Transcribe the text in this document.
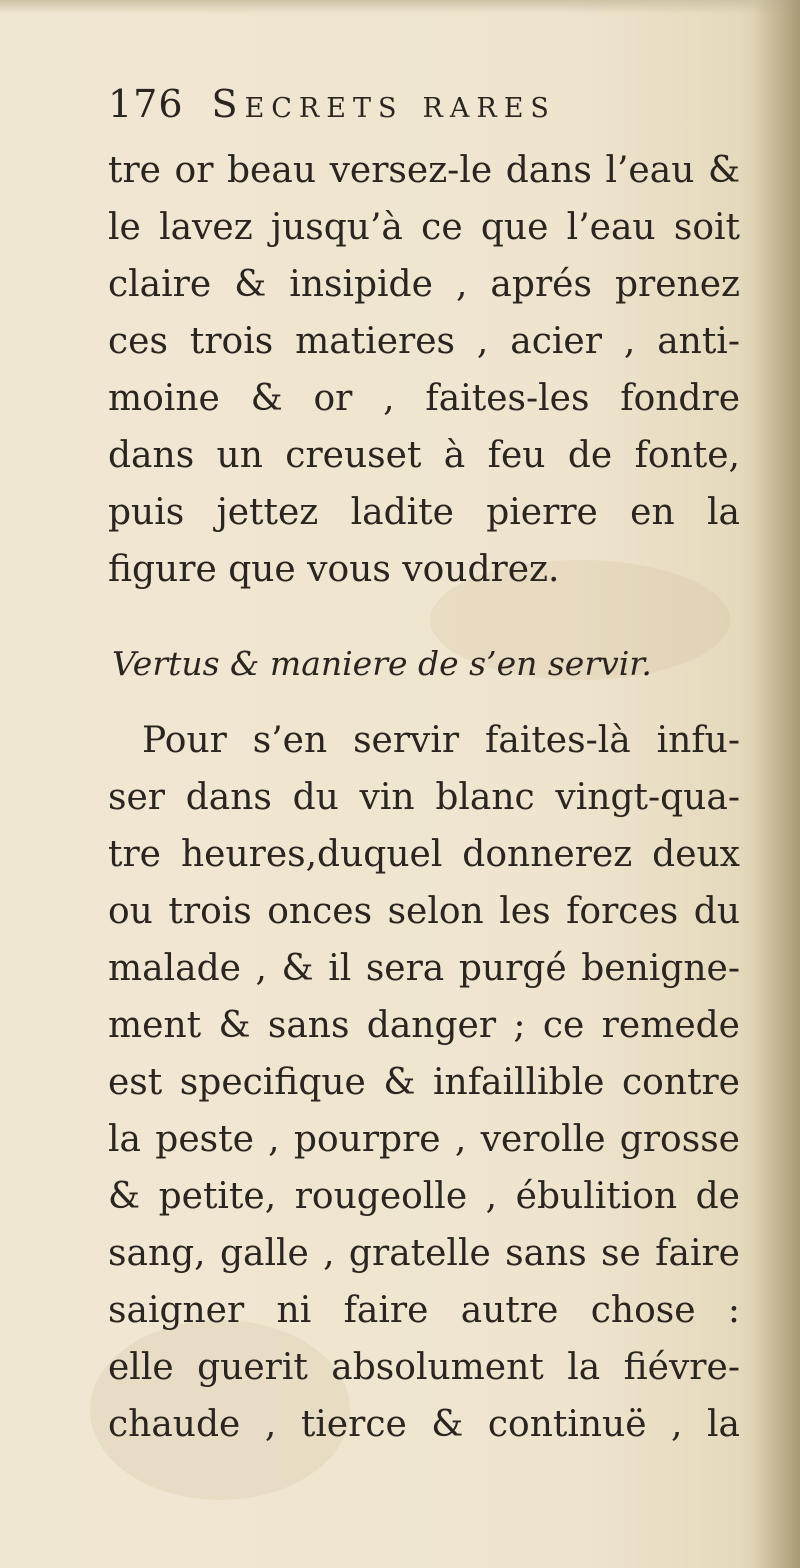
176 Secrets rares
tre or beau versez-le dans l’eau &
le lavez jusqu’à ce que l’eau soit
claire & insipide , aprés prenez
ces trois matieres , acier , anti-
moine & or , faites-les fondre
dans un creuset à feu de fonte,
puis jettez ladite pierre en la
figure que vous voudrez.
Vertus & maniere de s’en servir.
Pour s’en servir faites-là infu-
ser dans du vin blanc vingt-qua-
tre heures,duquel donnerez deux
ou trois onces selon les forces du
malade , & il sera purgé benigne-
ment & sans danger ; ce remede
est specifique & infaillible contre
la peste , pourpre , verolle grosse
& petite, rougeolle , ébulition de
sang, galle , gratelle sans se faire
saigner ni faire autre chose :
elle guerit absolument la fiévre-
chaude , tierce & continuë , la
